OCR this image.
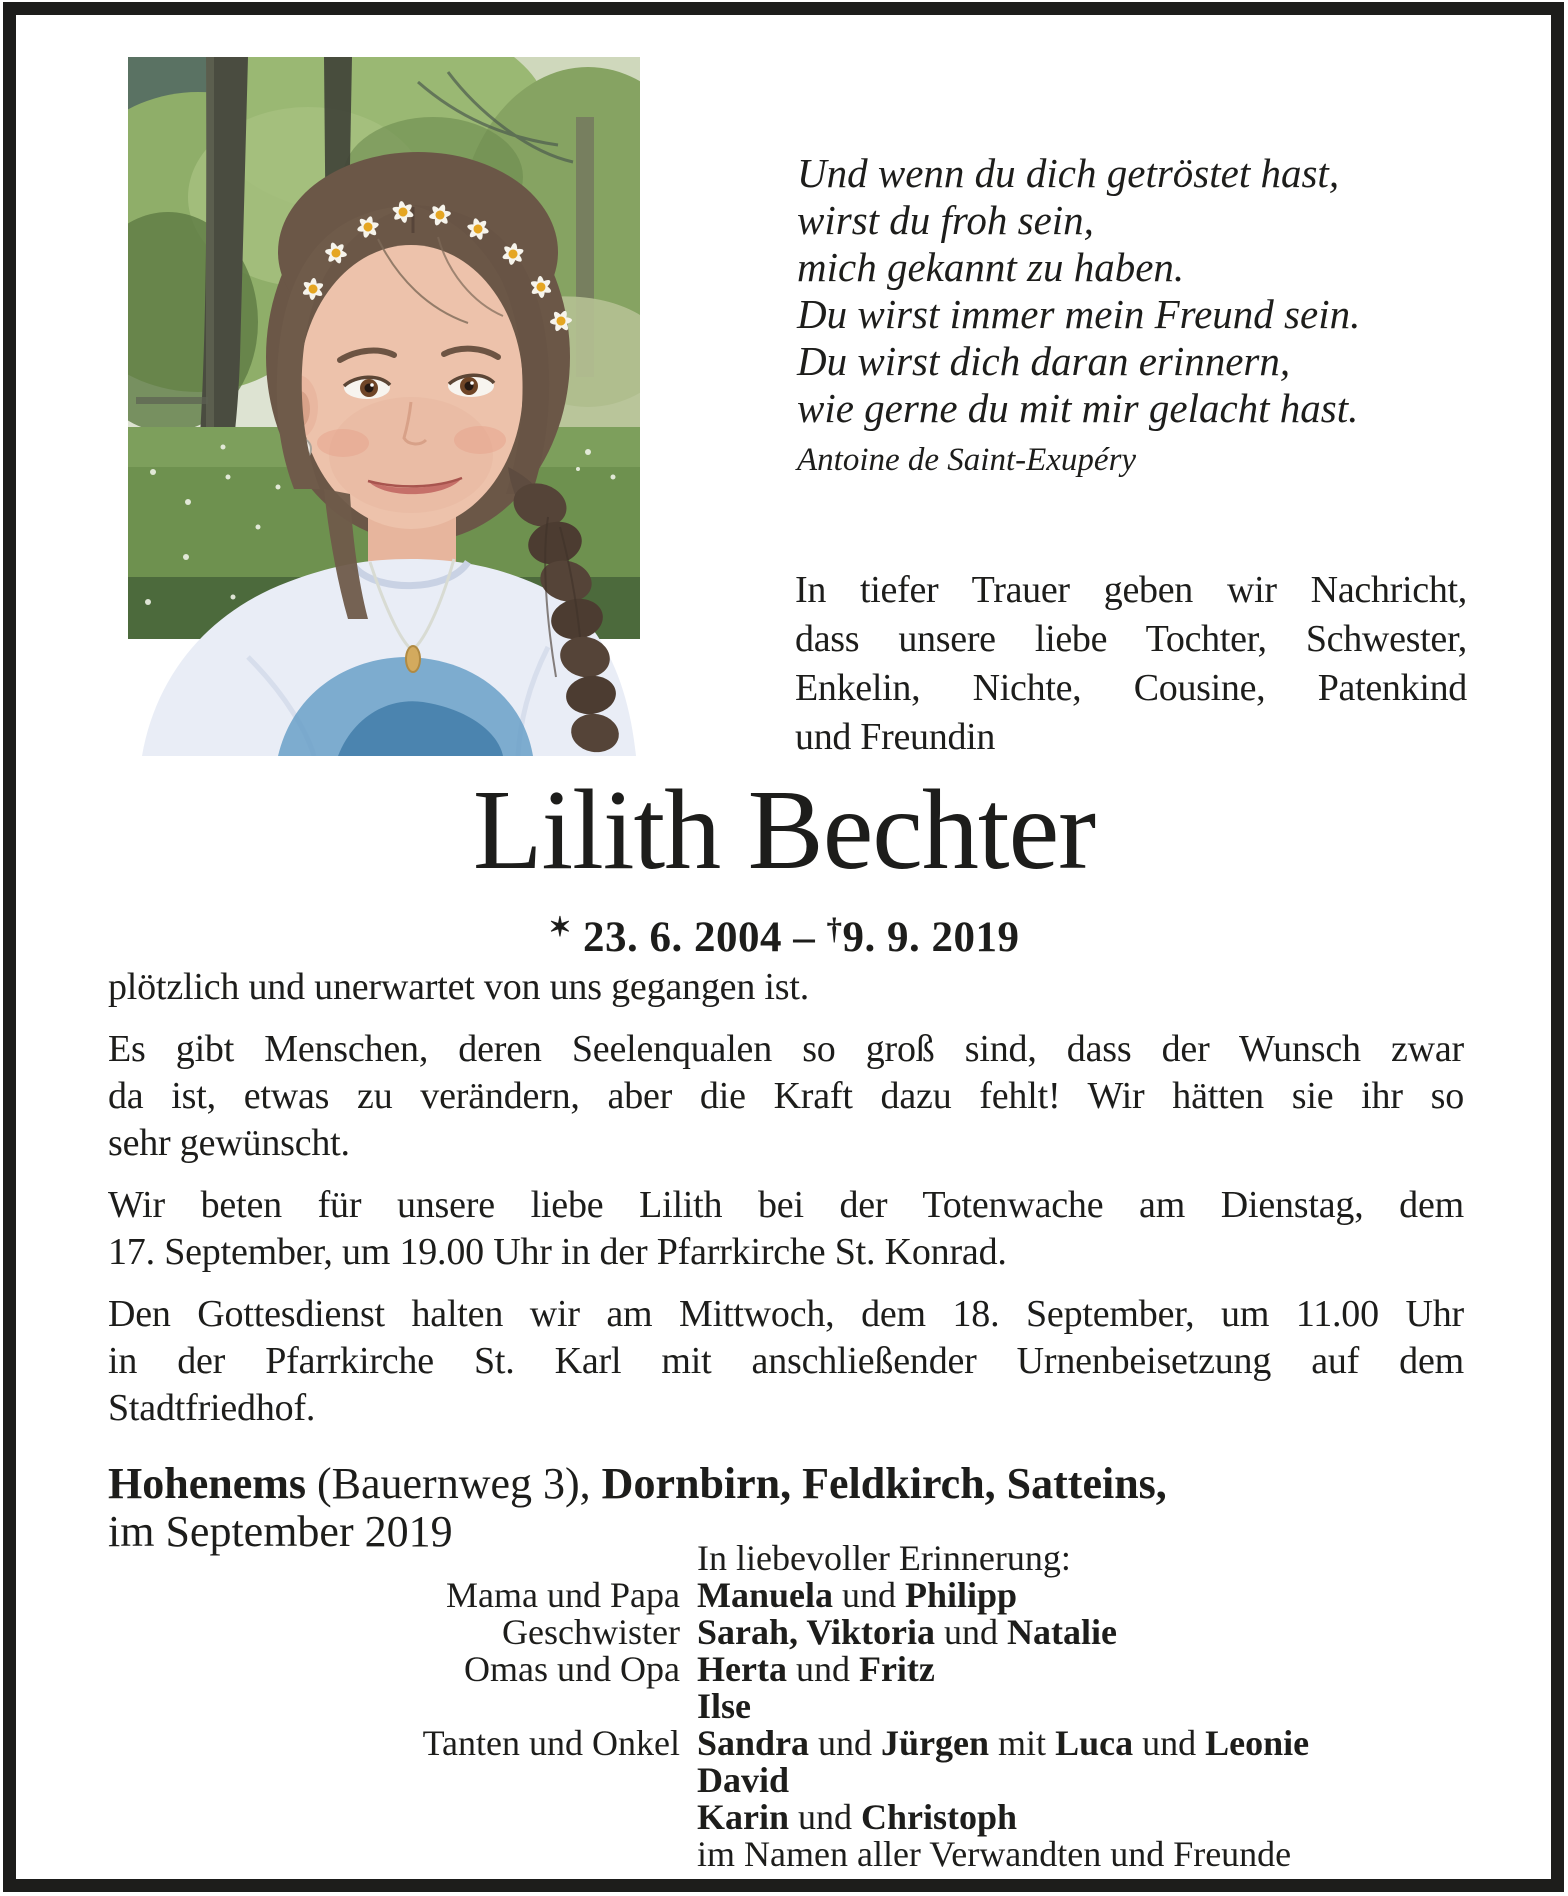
Und wenn du dich getröstet hast,
wirst du froh sein,
mich gekannt zu haben.
Du wirst immer mein Freund sein.
Du wirst dich daran erinnern,
wie gerne du mit mir gelacht hast.
Antoine de Saint-Exupéry
In tiefer Trauer geben wir Nachricht,
dass unsere liebe Tochter, Schwester,
Enkelin, Nichte, Cousine, Patenkind
und Freundin
Lilith Bechter
✶ 23. 6. 2004 – †9. 9. 2019
plötzlich und unerwartet von uns gegangen ist.
Es gibt Menschen, deren Seelenqualen so groß sind, dass der Wunsch zwar
da ist, etwas zu verändern, aber die Kraft dazu fehlt! Wir hätten sie ihr so
sehr gewünscht.
Wir beten für unsere liebe Lilith bei der Totenwache am Dienstag, dem
17. September, um 19.00 Uhr in der Pfarrkirche St. Konrad.
Den Gottesdienst halten wir am Mittwoch, dem 18. September, um 11.00 Uhr
in der Pfarrkirche St. Karl mit anschließender Urnenbeisetzung auf dem
Stadtfriedhof.
Hohenems (Bauernweg 3), Dornbirn, Feldkirch, Satteins,
im September 2019
In liebevoller Erinnerung:
Mama und Papa Manuela und Philipp
Geschwister Sarah, Viktoria und Natalie
Omas und Opa Herta und Fritz
Ilse
Tanten und Onkel Sandra und Jürgen mit Luca und Leonie
David
Karin und Christoph
im Namen aller Verwandten und Freunde
